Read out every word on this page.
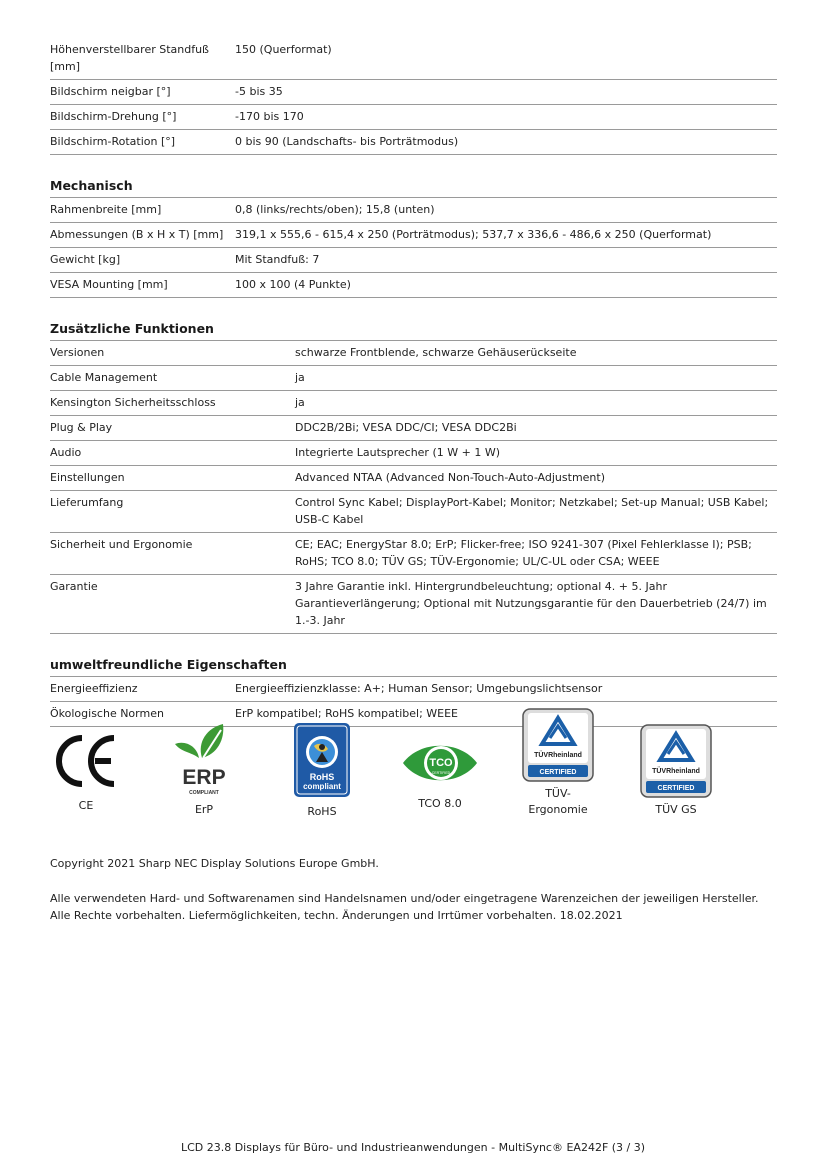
Höhenverstellbarer Standfuß [mm]	150 (Querformat)
Bildschirm neigbar [°]	-5 bis 35
Bildschirm-Drehung [°]	-170 bis 170
Bildschirm-Rotation [°]	0 bis 90 (Landschafts- bis Porträtmodus)
Mechanisch
Rahmenbreite [mm]	0,8 (links/rechts/oben); 15,8 (unten)
Abmessungen (B x H x T) [mm]	319,1 x 555,6 - 615,4 x 250 (Porträtmodus); 537,7 x 336,6 - 486,6 x 250 (Querformat)
Gewicht [kg]	Mit Standfuß: 7
VESA Mounting [mm]	100 x 100 (4 Punkte)
Zusätzliche Funktionen
Versionen	schwarze Frontblende, schwarze Gehäuserückseite
Cable Management	ja
Kensington Sicherheitsschloss	ja
Plug & Play	DDC2B/2Bi; VESA DDC/CI; VESA DDC2Bi
Audio	Integrierte Lautsprecher (1 W + 1 W)
Einstellungen	Advanced NTAA (Advanced Non-Touch-Auto-Adjustment)
Lieferumfang	Control Sync Kabel; DisplayPort-Kabel; Monitor; Netzkabel; Set-up Manual; USB Kabel; USB-C Kabel
Sicherheit und Ergonomie	CE; EAC; EnergyStar 8.0; ErP; Flicker-free; ISO 9241-307 (Pixel Fehlerklasse I); PSB; RoHS; TCO 8.0; TÜV GS; TÜV-Ergonomie; UL/C-UL oder CSA; WEEE
Garantie	3 Jahre Garantie inkl. Hintergrundbeleuchtung; optional 4. + 5. Jahr Garantieverlängerung; Optional mit Nutzungsgarantie für den Dauerbetrieb (24/7) im 1.-3. Jahr
umweltfreundliche Eigenschaften
Energieeffizienz	Energieeffizienzklasse: A+; Human Sensor; Umgebungslichtsensor
Ökologische Normen	ErP kompatibel; RoHS kompatibel; WEEE
CE
ERP
COMPLIANT
ErP
RoHS
compliant
RoHS
TCO
CERTIFIED
TCO 8.0
TÜVRheinland
CERTIFIED
TÜV-Ergonomie
TÜVRheinland
CERTIFIED
TÜV GS
Copyright 2021 Sharp NEC Display Solutions Europe GmbH.
Alle verwendeten Hard- und Softwarenamen sind Handelsnamen und/oder eingetragene Warenzeichen der jeweiligen Hersteller.
Alle Rechte vorbehalten. Liefermöglichkeiten, techn. Änderungen und Irrtümer vorbehalten. 18.02.2021
LCD 23.8 Displays für Büro- und Industrieanwendungen - MultiSync® EA242F (3 / 3)
